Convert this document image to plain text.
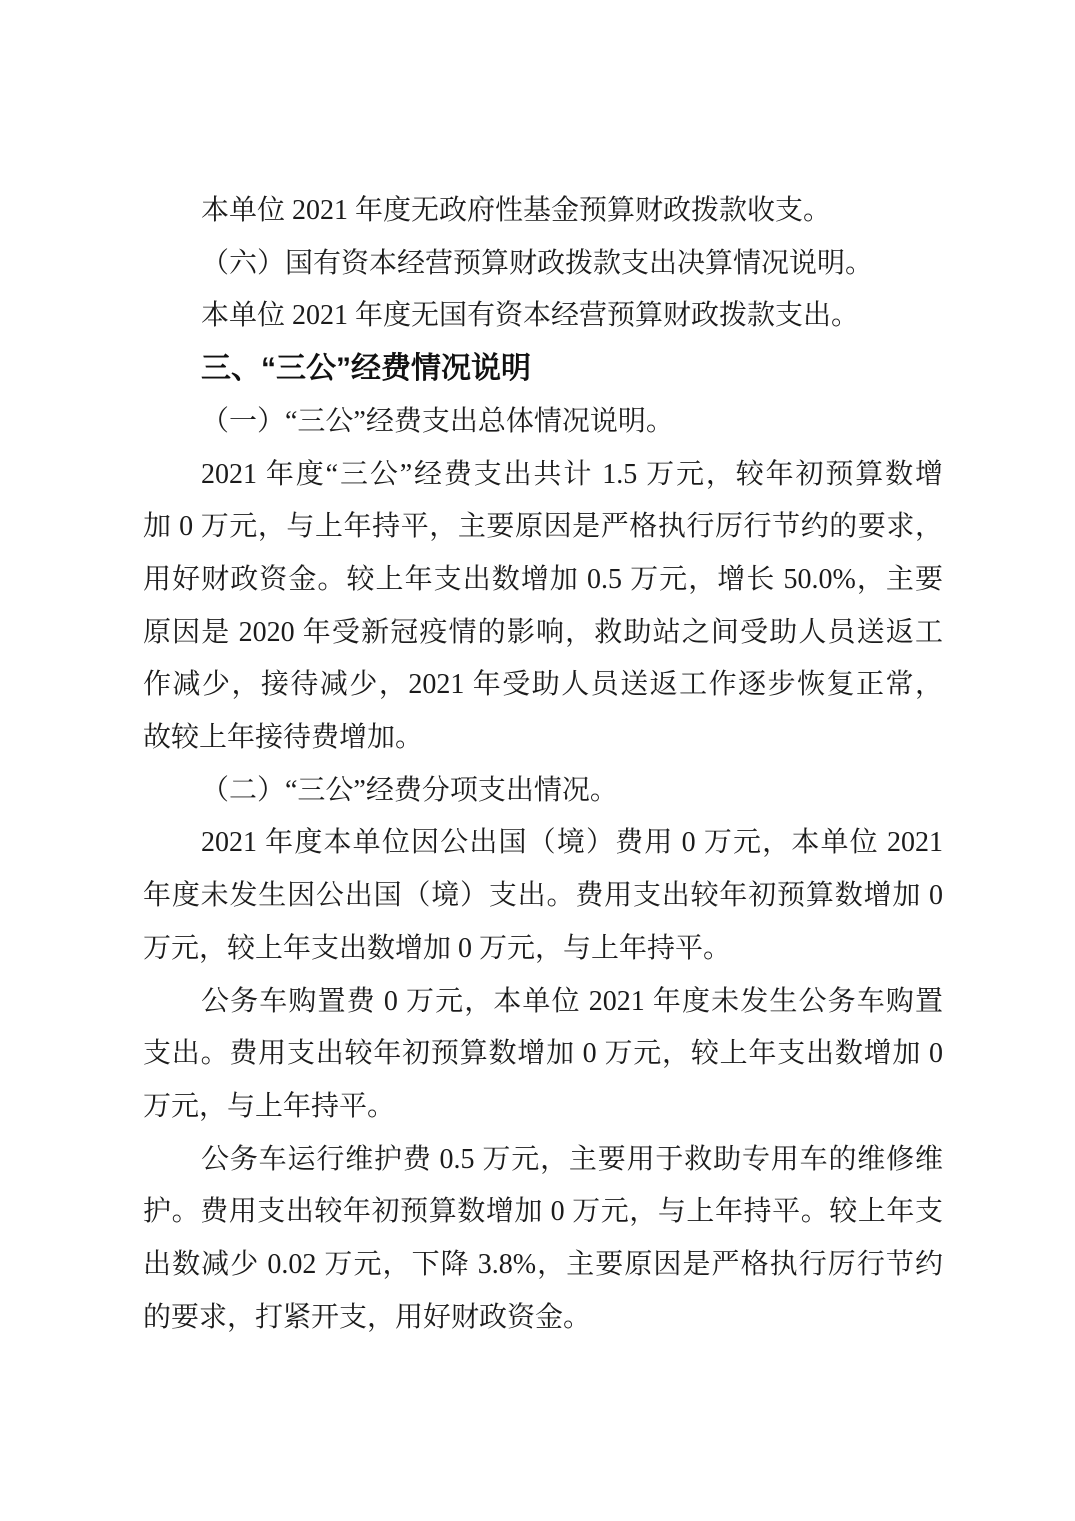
本单位 2021 年度无政府性基金预算财政拨款收支。
（六）国有资本经营预算财政拨款支出决算情况说明。
本单位 2021 年度无国有资本经营预算财政拨款支出。
三、“三公”经费情况说明
（一）“三公”经费支出总体情况说明。
2021 年度“三公”经费支出共计 1.5 万元，较年初预算数增
加 0 万元，与上年持平，主要原因是严格执行厉行节约的要求，
用好财政资金。较上年支出数增加 0.5 万元，增长 50.0%，主要
原因是 2020 年受新冠疫情的影响，救助站之间受助人员送返工
作减少，接待减少，2021 年受助人员送返工作逐步恢复正常，
故较上年接待费增加。
（二）“三公”经费分项支出情况。
2021 年度本单位因公出国（境）费用 0 万元，本单位 2021
年度未发生因公出国（境）支出。费用支出较年初预算数增加 0
万元，较上年支出数增加 0 万元，与上年持平。
公务车购置费 0 万元，本单位 2021 年度未发生公务车购置
支出。费用支出较年初预算数增加 0 万元，较上年支出数增加 0
万元，与上年持平。
公务车运行维护费 0.5 万元，主要用于救助专用车的维修维
护。费用支出较年初预算数增加 0 万元，与上年持平。较上年支
出数减少 0.02 万元，下降 3.8%，主要原因是严格执行厉行节约
的要求，打紧开支，用好财政资金。
